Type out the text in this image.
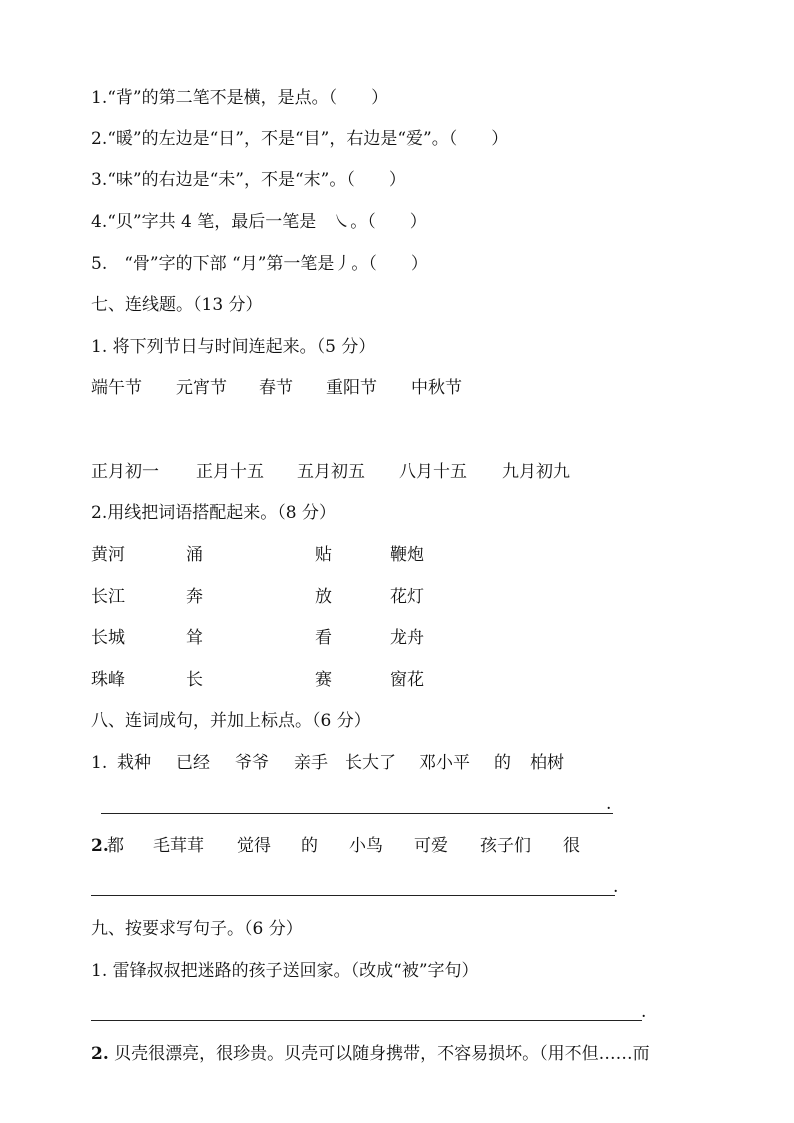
1.“背”的第二笔不是横，是点。（　　）
2.“暖”的左边是“日”，不是“目”，右边是“爱”。（　　）
3.“味”的右边是“未”，不是“末”。（　　）
4.“贝”字共 4 笔，最后一笔是　㇏。（　　）
5.　“骨”字的下部 “月”第一笔是丿。（　　）
七、连线题。（13 分）
1. 将下列节日与时间连起来。（5 分）
端午节 元宵节 春节 重阳节 中秋节
正月初一 正月十五 五月初五 八月十五 九月初九
2.用线把词语搭配起来。（8 分）
黄河	涌	贴	鞭炮
长江	奔	放	花灯
长城	耸	看	龙舟
珠峰	长	赛	窗花
八、连词成句，并加上标点。（6 分）
1. 栽种 已经 爷爷 亲手 长大了 邓小平 的 柏树
.
2.
都 毛茸茸 觉得 的 小鸟 可爱 孩子们 很
.
九、按要求写句子。（6 分）
1. 雷锋叔叔把迷路的孩子送回家。（改成“被”字句）
.
2. 贝壳很漂亮，很珍贵。贝壳可以随身携带，不容易损坏。（用不但……而
